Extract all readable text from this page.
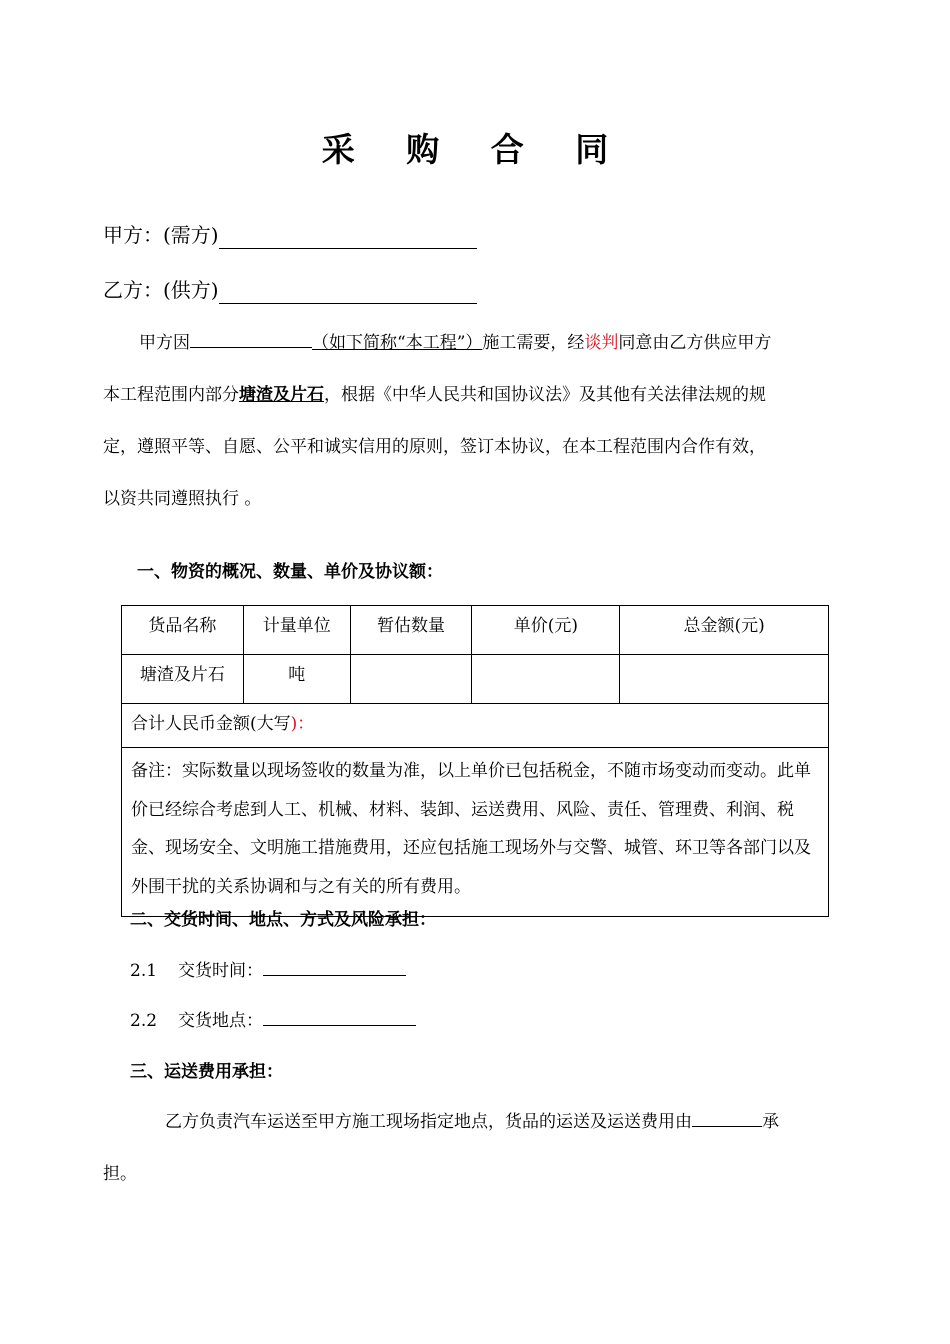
采 购 合 同
甲方：(需方)
乙方：(供方)

甲方因	（如下简称“本工程”）施工需要，经谈判同意由乙方供应甲方

本工程范围内部分塘渣及片石，根据《中华人民共和国协议法》及其他有关法律法规的规

定，遵照平等、自愿、公平和诚实信用的原则，签订本协议，在本工程范围内合作有效，

以资共同遵照执行 。

一、物资的概况、数量、单价及协议额：
货品名称	计量单位	暂估数量	单价(元)	总金额(元)
塘渣及片石	吨			
合计人民币金额(大写)：				
备注：实际数量以现场签收的数量为准，以上单价已包括税金，不随市场变动而变动。此单价已经综合考虑到人工、机械、材料、装卸、运送费用、风险、责任、管理费、利润、税金、现场安全、文明施工措施费用，还应包括施工现场外与交警、城管、环卫等各部门以及外围干扰的关系协调和与之有关的所有费用。				
二、交货时间、地点、方式及风险承担：
2.1 交货时间：
2.2 交货地点：
三、运送费用承担：

乙方负责汽车运送至甲方施工现场指定地点，货品的运送及运送费用由	承

担。
